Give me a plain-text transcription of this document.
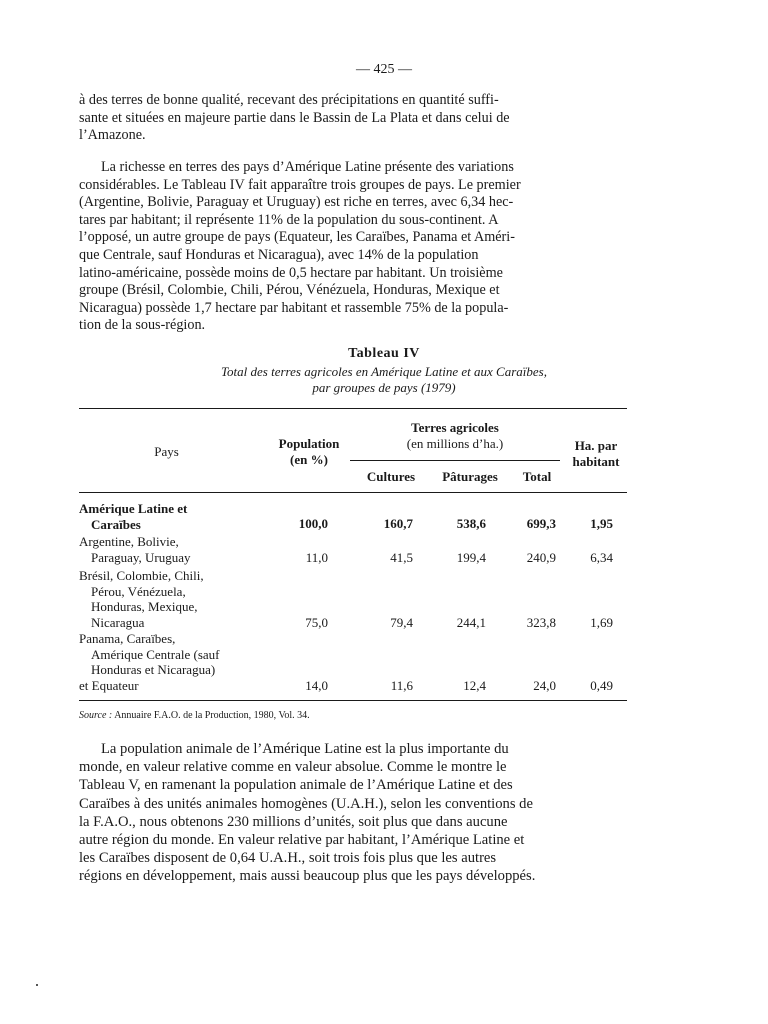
— 425 —

à des terres de bonne qualité, recevant des précipitations en quantité suffi-
sante et situées en majeure partie dans le Bassin de La Plata et dans celui de
l’Amazone.

La richesse en terres des pays d’Amérique Latine présente des variations
considérables. Le Tableau IV fait apparaître trois groupes de pays. Le premier
(Argentine, Bolivie, Paraguay et Uruguay) est riche en terres, avec 6,34 hec-
tares par habitant; il représente 11% de la population du sous-continent. A
l’opposé, un autre groupe de pays (Equateur, les Caraïbes, Panama et Améri-
que Centrale, sauf Honduras et Nicaragua), avec 14% de la population
latino-américaine, possède moins de 0,5 hectare par habitant. Un troisième
groupe (Brésil, Colombie, Chili, Pérou, Vénézuela, Honduras, Mexique et
Nicaragua) possède 1,7 hectare par habitant et rassemble 75% de la popula-
tion de la sous-région.

Tableau IV
Total des terres agricoles en Amérique Latine et aux Caraïbes,
par groupes de pays (1979)
Pays
Population
(en %)
Terres agricoles
(en millions d’ha.)
Cultures	Pâturages	Total
Ha. par
habitant
Amérique Latine et
Caraïbes	100,0	160,7	538,6	699,3	1,95
Argentine, Bolivie,
Paraguay, Uruguay	11,0	41,5	199,4	240,9	6,34
Brésil, Colombie, Chili,
Pérou, Vénézuela,
Honduras, Mexique,
Nicaragua	75,0	79,4	244,1	323,8	1,69
Panama, Caraïbes,
Amérique Centrale (sauf
Honduras et Nicaragua)
et Equateur	14,0	11,6	12,4	24,0	0,49
Source : Annuaire F.A.O. de la Production, 1980, Vol. 34.

La population animale de l’Amérique Latine est la plus importante du
monde, en valeur relative comme en valeur absolue. Comme le montre le
Tableau V, en ramenant la population animale de l’Amérique Latine et des
Caraïbes à des unités animales homogènes (U.A.H.), selon les conventions de
la F.A.O., nous obtenons 230 millions d’unités, soit plus que dans aucune
autre région du monde. En valeur relative par habitant, l’Amérique Latine et
les Caraïbes disposent de 0,64 U.A.H., soit trois fois plus que les autres
régions en développement, mais aussi beaucoup plus que les pays développés.
